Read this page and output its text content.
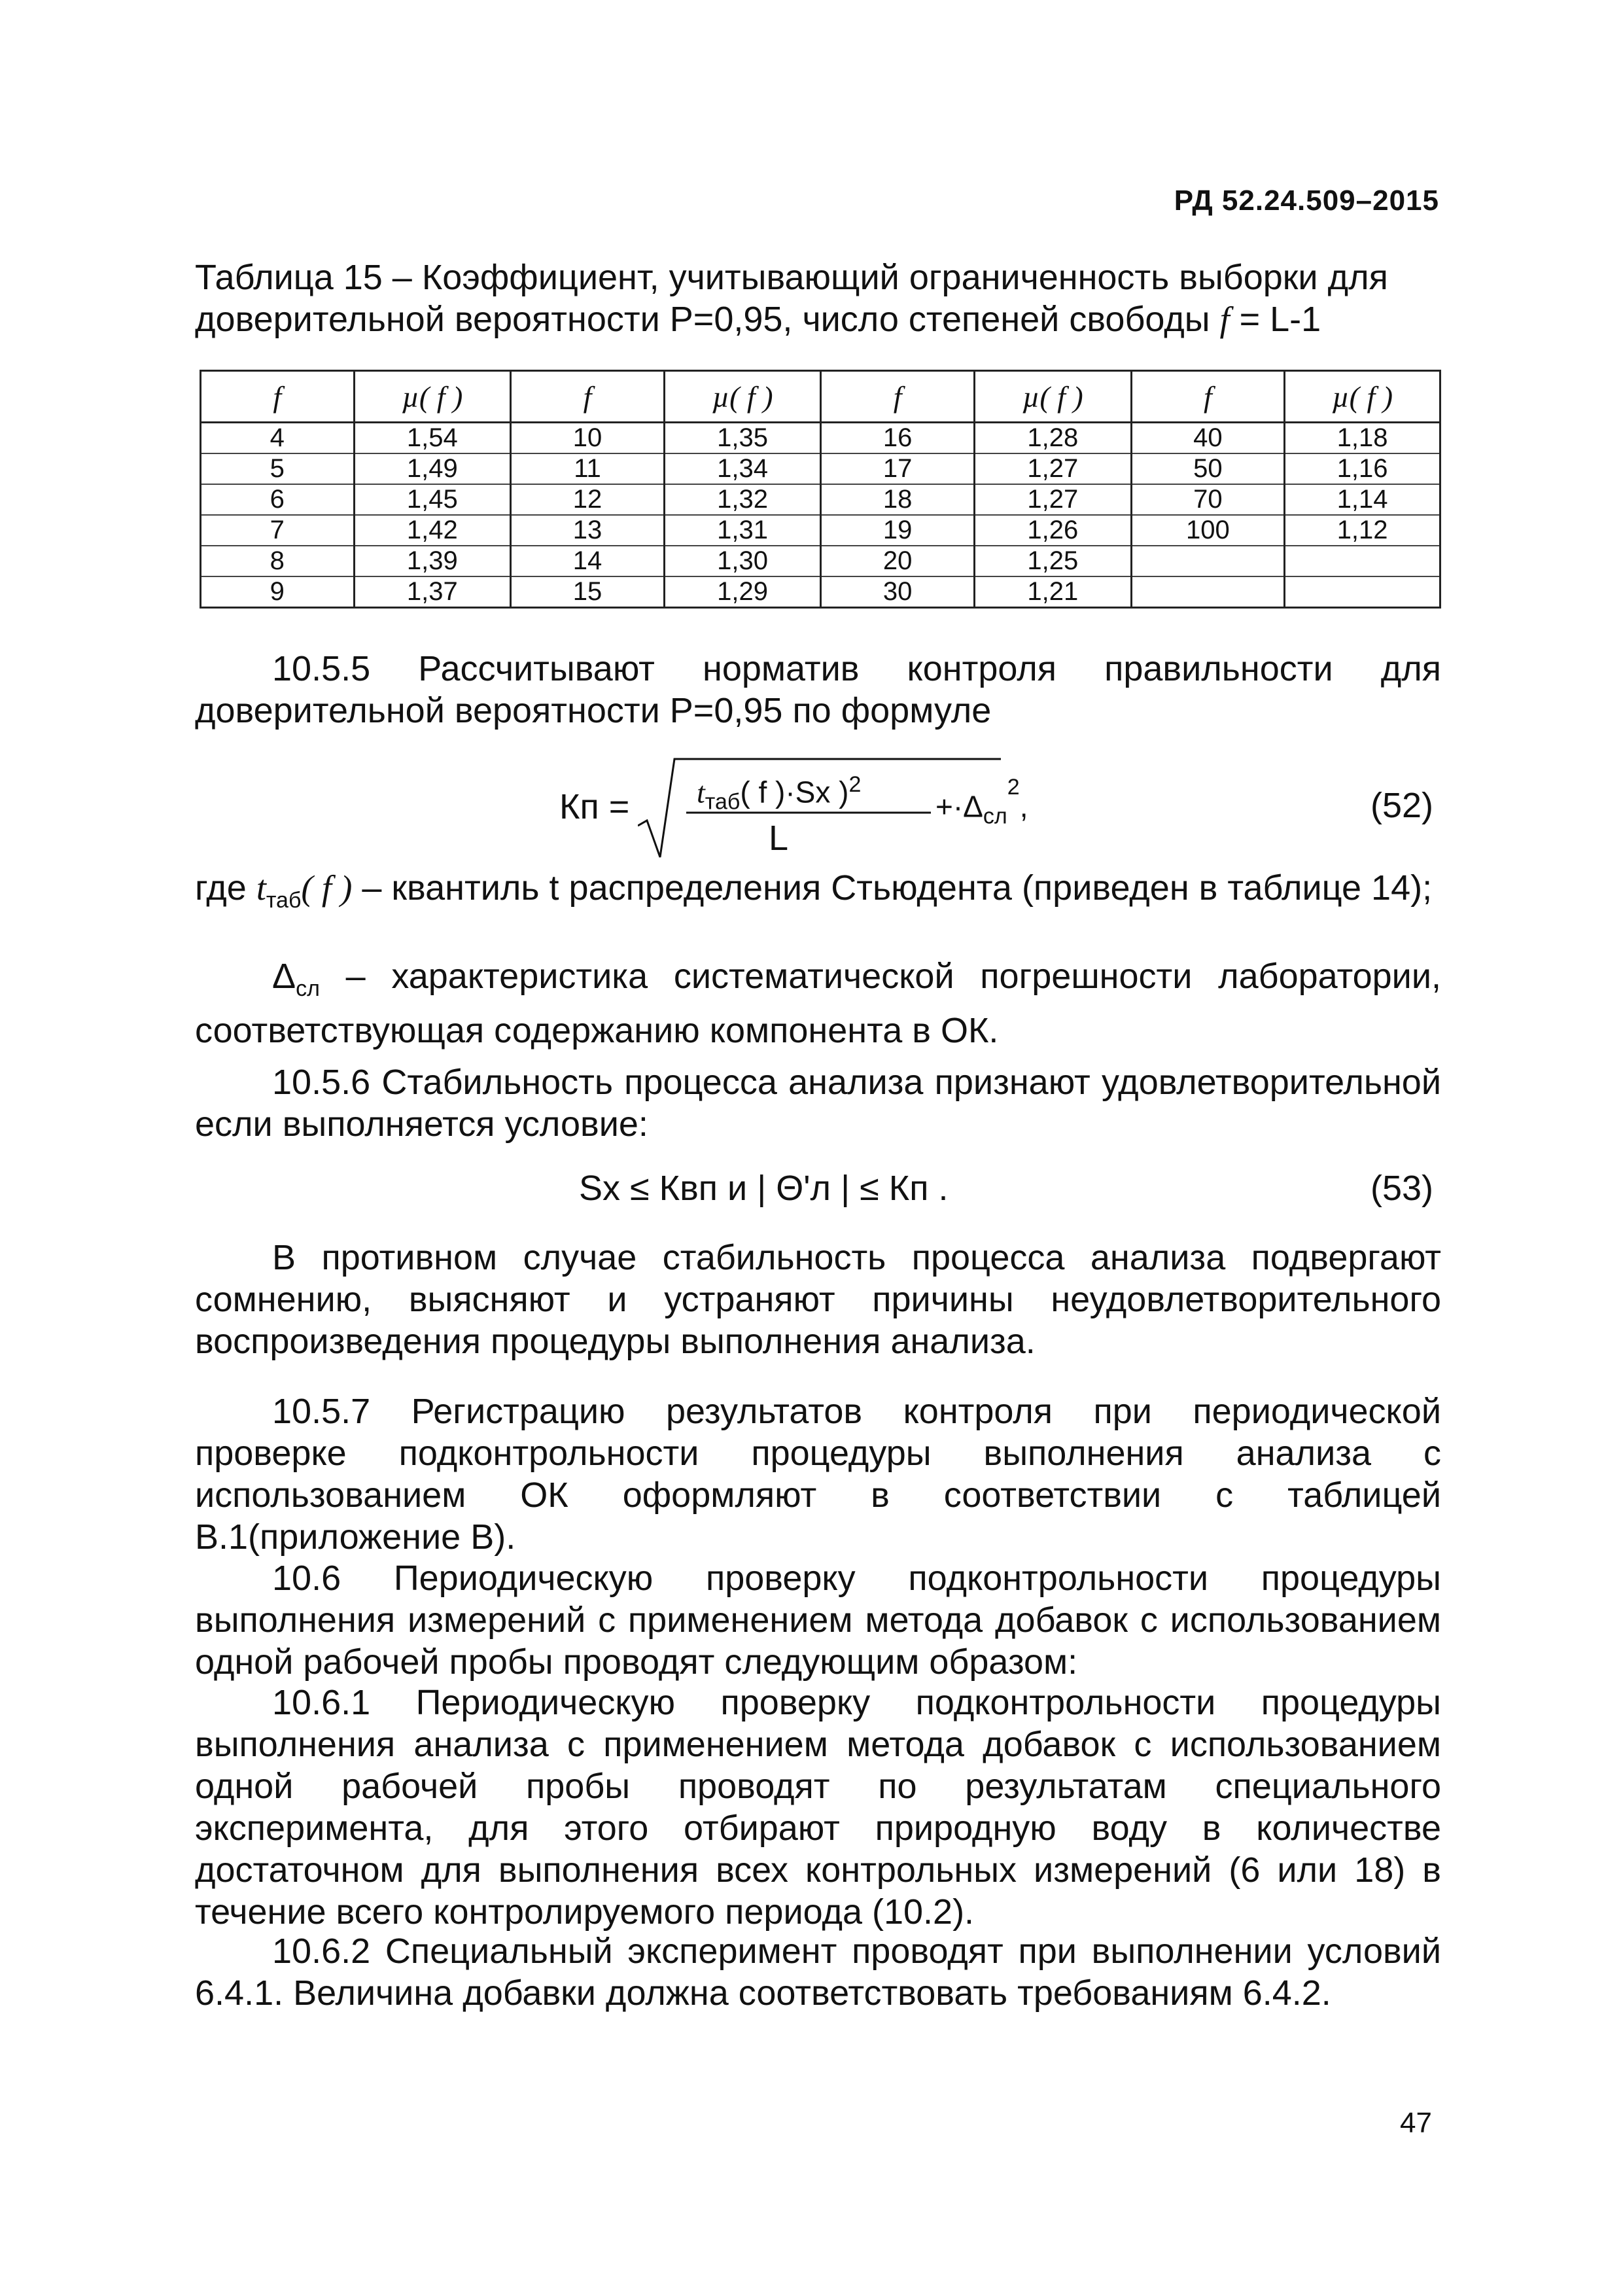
РД 52.24.509–2015
Таблица 15 – Коэффициент, учитывающий ограниченность выборки для доверительной вероятности P=0,95, число степеней свободы f = L-1
f	µ( f )	f	µ( f )	f	µ( f )	f	µ( f )
4	1,54	10	1,35	16	1,28	40	1,18
5	1,49	11	1,34	17	1,27	50	1,16
6	1,45	12	1,32	18	1,27	70	1,14
7	1,42	13	1,31	19	1,26	100	1,12
8	1,39	14	1,30	20	1,25		
9	1,37	15	1,29	30	1,21		
10.5.5 Рассчитывают норматив контроля правильности для доверительной вероятности P=0,95 по формуле
Кп = $t_{таб}$( f )·Sx )$^2$
L
$+\cdot\Delta_{сл}^2$,	(52)
где $t_{таб}$( f ) – квантиль t распределения Стьюдента (приведен в таблице 14);
$\Delta_{сл}$ – характеристика систематической погрешности лаборатории, соответствующая содержанию компонента в ОК.
10.5.6 Стабильность процесса анализа признают удовлетворительной если выполняется условие:
Sx ≤ Квп и | Θ'л | ≤ Кп .	(53)
В противном случае стабильность процесса анализа подвергают сомнению, выясняют и устраняют причины неудовлетворительного воспроизведения процедуры выполнения анализа.
10.5.7 Регистрацию результатов контроля при периодической проверке подконтрольности процедуры выполнения анализа с использованием ОК оформляют в соответствии с таблицей В.1(приложение В).
10.6 Периодическую проверку подконтрольности процедуры выполнения измерений с применением метода добавок с использованием одной рабочей пробы проводят следующим образом:
10.6.1 Периодическую проверку подконтрольности процедуры выполнения анализа с применением метода добавок с использованием одной рабочей пробы проводят по результатам специального эксперимента, для этого отбирают природную воду в количестве достаточном для выполнения всех контрольных измерений (6 или 18) в течение всего контролируемого периода (10.2).
10.6.2 Специальный эксперимент проводят при выполнении условий 6.4.1. Величина добавки должна соответствовать требованиям 6.4.2.
47
